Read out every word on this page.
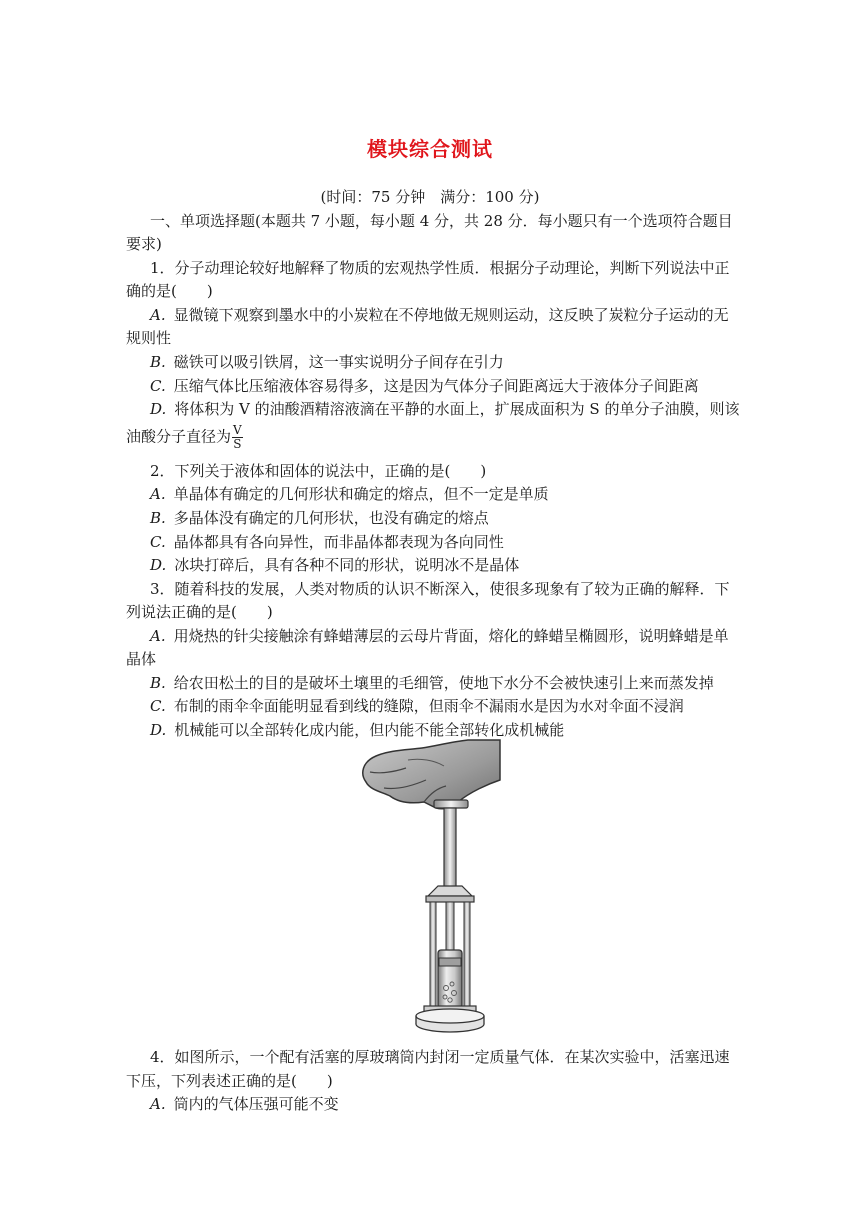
模块综合测试
(时间：75 分钟　满分：100 分)
一、单项选择题(本题共 7 小题，每小题 4 分，共 28 分．每小题只有一个选项符合题目
要求)
1．分子动理论较好地解释了物质的宏观热学性质．根据分子动理论，判断下列说法中正
确的是(　　)
A. 显微镜下观察到墨水中的小炭粒在不停地做无规则运动，这反映了炭粒分子运动的无
规则性
B. 磁铁可以吸引铁屑，这一事实说明分子间存在引力
C. 压缩气体比压缩液体容易得多，这是因为气体分子间距离远大于液体分子间距离
D. 将体积为 V 的油酸酒精溶液滴在平静的水面上，扩展成面积为 S 的单分子油膜，则该
油酸分子直径为 $\frac{V}{S}$
2．下列关于液体和固体的说法中，正确的是(　　)
A. 单晶体有确定的几何形状和确定的熔点，但不一定是单质
B. 多晶体没有确定的几何形状，也没有确定的熔点
C. 晶体都具有各向异性，而非晶体都表现为各向同性
D. 冰块打碎后，具有各种不同的形状，说明冰不是晶体
3．随着科技的发展，人类对物质的认识不断深入，使很多现象有了较为正确的解释．下
列说法正确的是(　　)
A. 用烧热的针尖接触涂有蜂蜡薄层的云母片背面，熔化的蜂蜡呈椭圆形，说明蜂蜡是单
晶体
B. 给农田松土的目的是破坏土壤里的毛细管，使地下水分不会被快速引上来而蒸发掉
C. 布制的雨伞伞面能明显看到线的缝隙，但雨伞不漏雨水是因为水对伞面不浸润
D. 机械能可以全部转化成内能，但内能不能全部转化成机械能
4．如图所示，一个配有活塞的厚玻璃筒内封闭一定质量气体．在某次实验中，活塞迅速
下压，下列表述正确的是(　　)
A. 筒内的气体压强可能不变
